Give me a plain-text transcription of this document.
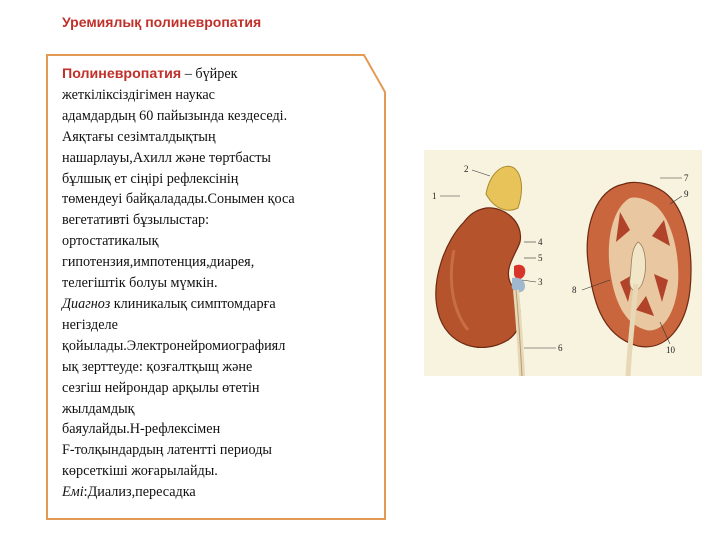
Уремиялық полиневропатия

Полиневропатия – бүйрек

жеткіліксіздігімен наукас

адамдардың 60 пайызында кездеседі.

Аяқтағы сезімталдықтың

нашарлауы,Ахилл және төртбасты

бұлшық ет сіңірі рефлексінің

төмендеуі байқаладады.Сонымен қоса

вегетативті бұзылыстар:

ортостатикалық

гипотензия,импотенция,диарея,

телегіштік болуы мүмкін.

Диагноз клиникалық симптомдарға

негізделе

қойылады.Электронейромиографиял

ық зерттеуде: қозғалтқыщ және

сезгіш нейрондар арқылы өтетін

жылдамдық

баяулайды.Н-рефлексімен

F-толқындардың латентті периоды

көрсеткіші жоғарылайды.

Емі:Диализ,пересадка

1
2
3
4
5
6
7
8
9
10
